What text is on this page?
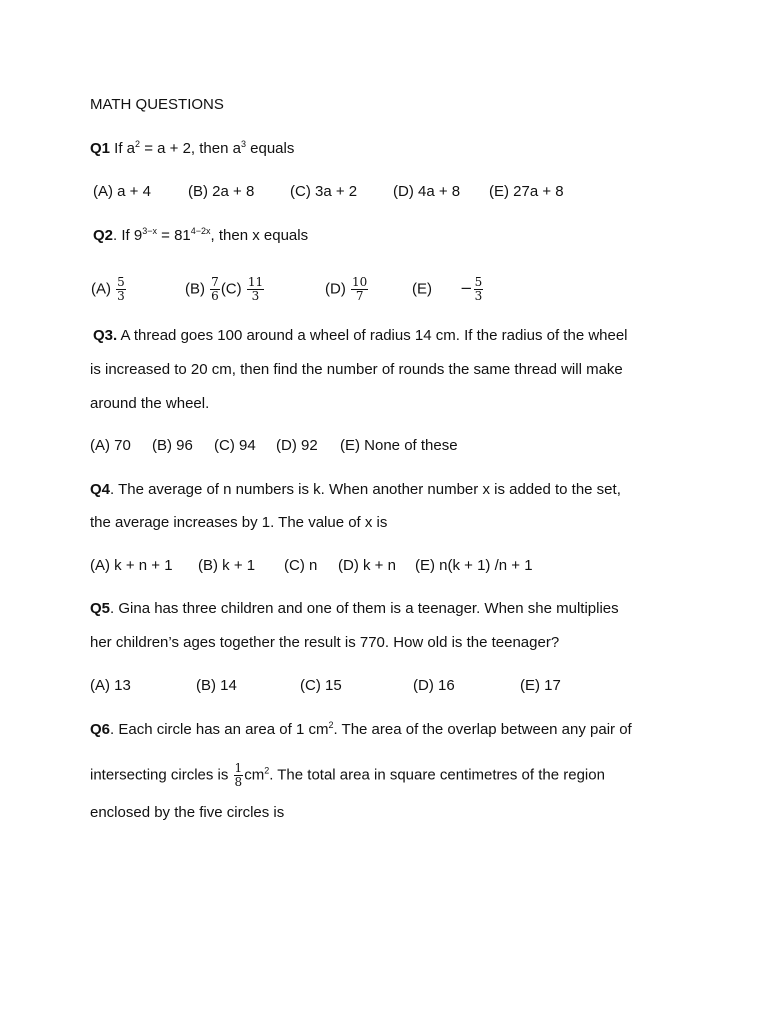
MATH QUESTIONS
Q1 If $a^2 = a + 2$, then $a^3$ equals
(A) a + 4 (B) 2a + 8 (C) 3a + 2 (D) 4a + 8 (E) 27a + 8
Q2. If $9^{3-x} = 81^{4-2x}$, then x equals
$(A) \frac{5}{3}$	$(B) \frac{7}{6} (C) \frac{11}{3}$	$(D) \frac{10}{7}$	$(E) - \frac{5}{3}$
Q3. A thread goes 100 around a wheel of radius 14 cm. If the radius of the wheel
is increased to 20 cm, then find the number of rounds the same thread will make
around the wheel.
(A) 70 (B) 96 (C) 94 (D) 92 (E) None of these
Q4. The average of n numbers is k. When another number x is added to the set,
the average increases by 1. The value of x is
(A) k + n + 1 (B) k + 1 (C) n (D) k + n (E) n(k + 1) /n + 1
Q5. Gina has three children and one of them is a teenager. When she multiplies
her children’s ages together the result is 770. How old is the teenager?
(A) 13	(B) 14	(C) 15	(D) 16	(E) 17
Q6. Each circle has an area of 1 $cm^2$. The area of the overlap between any pair of
intersecting circles is $\frac{1}{8} cm^2$. The total area in square centimetres of the region
enclosed by the five circles is
